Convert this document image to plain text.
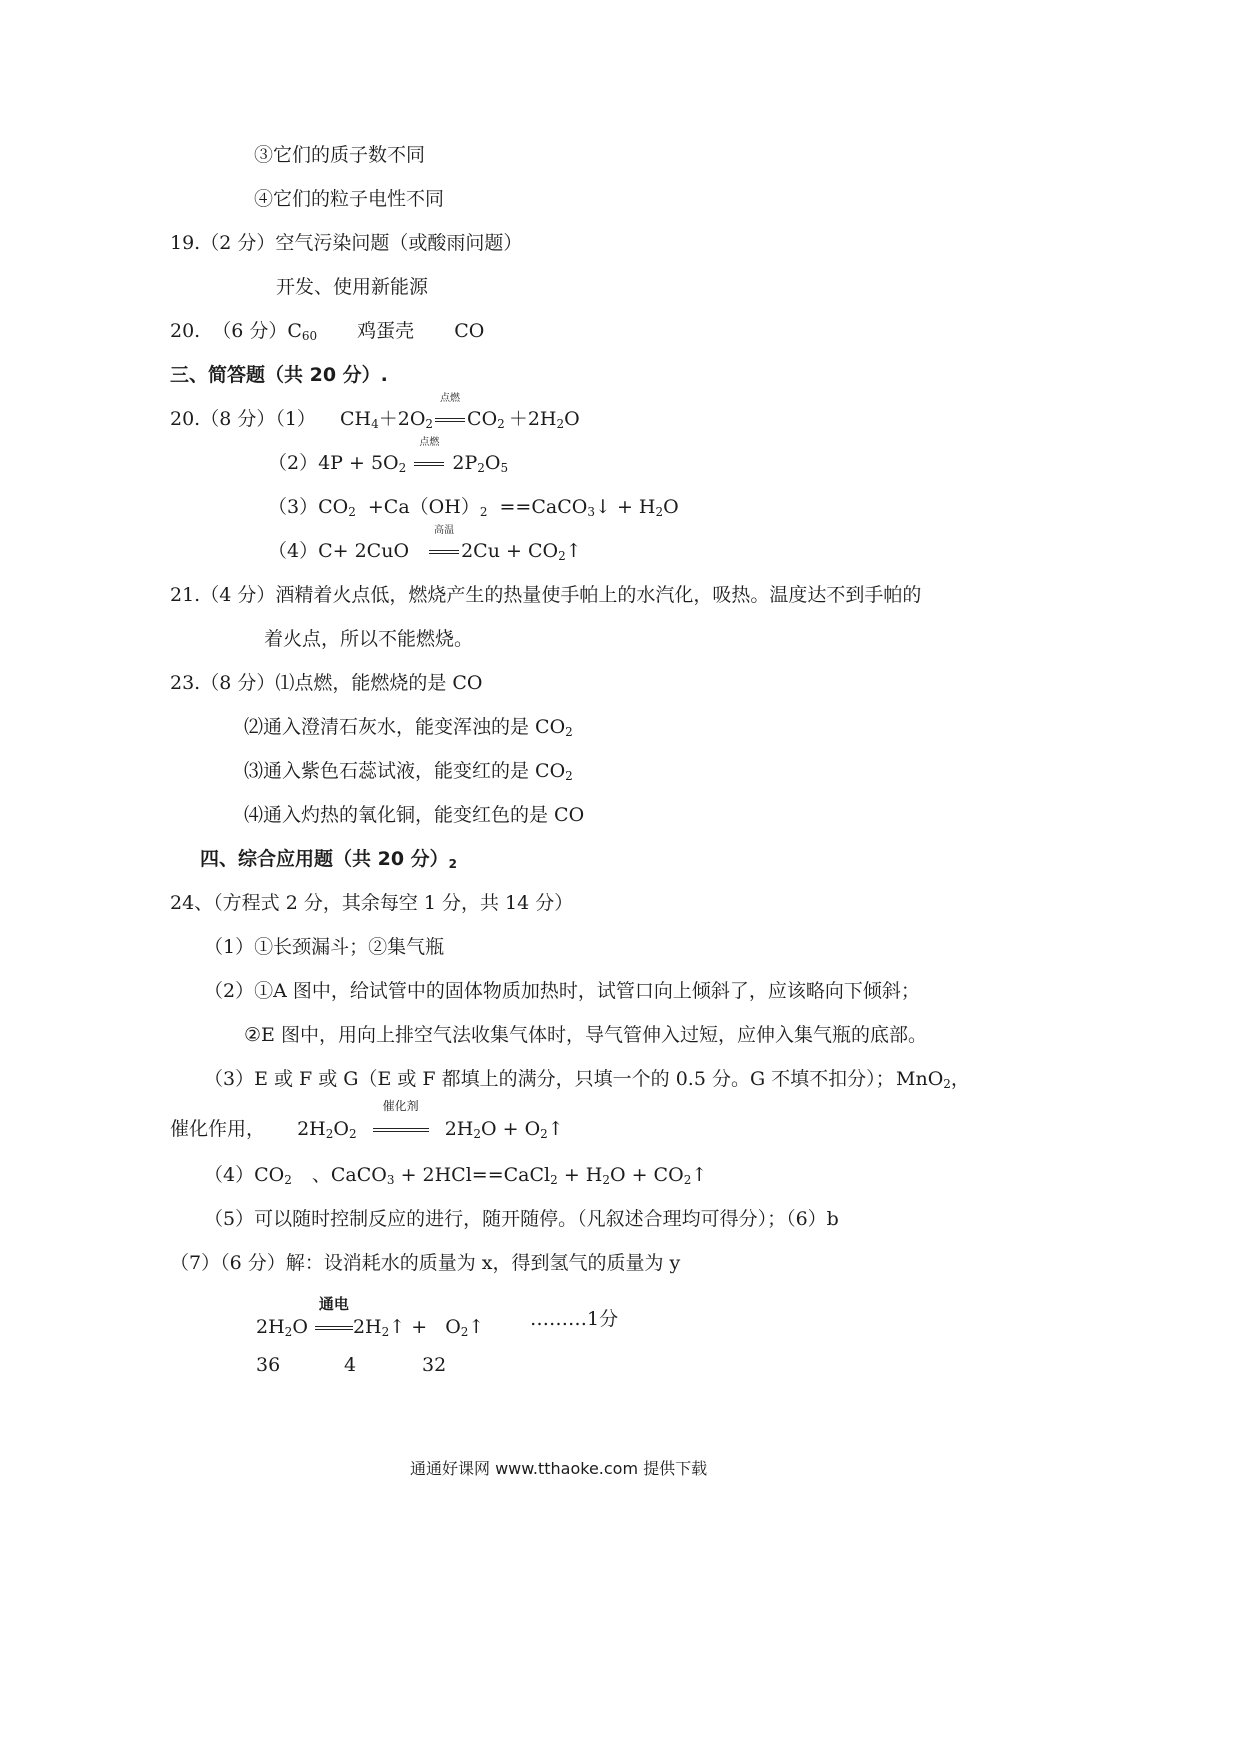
③它们的质子数不同
④它们的粒子电性不同
19.（2 分）空气污染问题（或酸雨问题）
开发、使用新能源
20. （6 分）C60 鸡蛋壳 CO
三、简答题（共 20 分）.
20.（8 分）（1） CH4＋2O2
点燃
CO2 ＋2H2O
（2）4P + 5O2
点燃
2P2O5
（3）CO2 +Ca（OH）2 ==CaCO3↓ + H2O
（4）C+ 2CuO
高温
2Cu + CO2↑
21.（4 分）酒精着火点低，燃烧产生的热量使手帕上的水汽化，吸热。温度达不到手帕的
着火点，所以不能燃烧。
23.（8 分）⑴点燃，能燃烧的是 CO
⑵通入澄清石灰水，能变浑浊的是 CO2
⑶通入紫色石蕊试液，能变红的是 CO2
⑷通入灼热的氧化铜，能变红色的是 CO
四、综合应用题（共 20 分）2
24、（方程式 2 分，其余每空 1 分，共 14 分）
（1）①长颈漏斗；②集气瓶
（2）①A 图中，给试管中的固体物质加热时，试管口向上倾斜了，应该略向下倾斜；
②E 图中，用向上排空气法收集气体时，导气管伸入过短，应伸入集气瓶的底部。
（3）E 或 F 或 G（E 或 F 都填上的满分，只填一个的 0.5 分。G 不填不扣分）； MnO2，
催化作用， 2H2O2
催化剂
2H2O + O2↑
（4）CO2 、CaCO3 + 2HCl==CaCl2 + H2O + CO2↑
（5）可以随时控制反应的进行，随开随停。（凡叙述合理均可得分）；（6）b
（7）（6 分）解：设消耗水的质量为 x，得到氢气的质量为 y
2H2O
通电
2H2↑ + O2↑ ………1分
36	4	32
通通好课网 www.tthaoke.com 提供下载
